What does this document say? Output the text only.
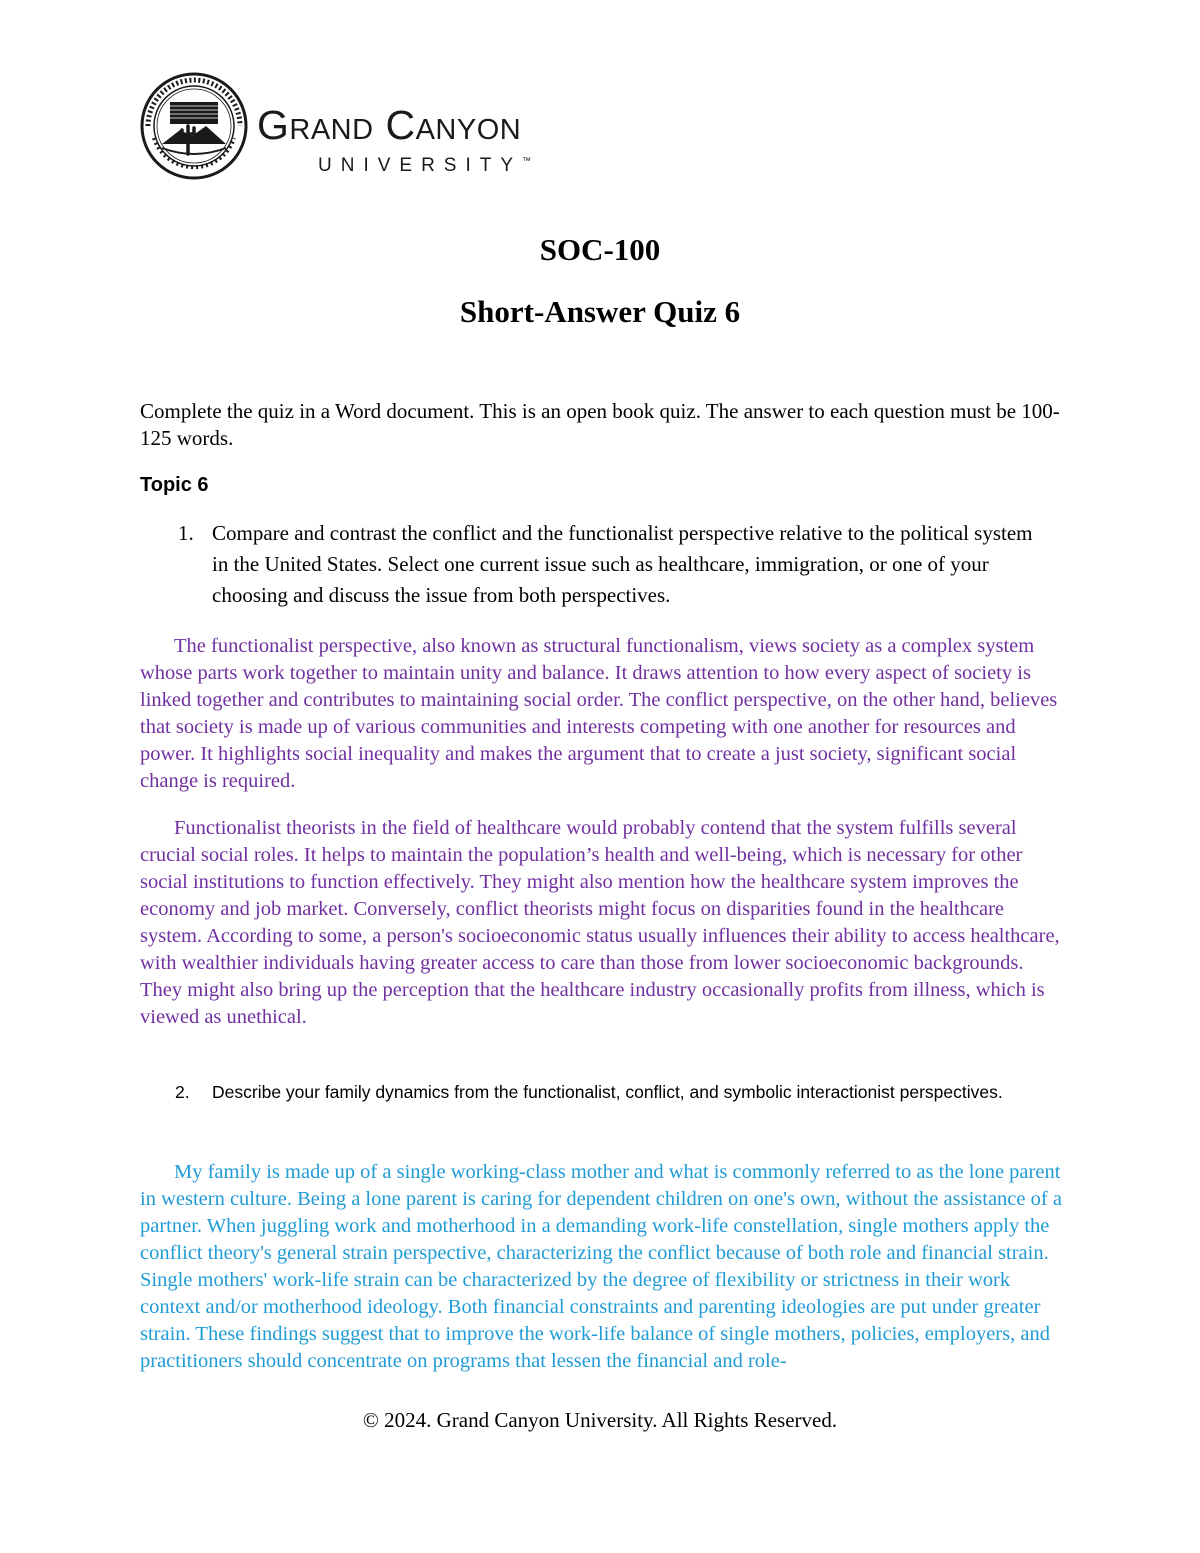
Grand Canyon
UNIVERSITY™
SOC-100
Short-Answer Quiz 6
Complete the quiz in a Word document. This is an open book quiz. The answer to each question must be 100-125 words.
Topic 6
1. Compare and contrast the conflict and the functionalist perspective relative to the political system in the United States. Select one current issue such as healthcare, immigration, or one of your choosing and discuss the issue from both perspectives.
The functionalist perspective, also known as structural functionalism, views society as a complex system whose parts work together to maintain unity and balance. It draws attention to how every aspect of society is linked together and contributes to maintaining social order. The conflict perspective, on the other hand, believes that society is made up of various communities and interests competing with one another for resources and power. It highlights social inequality and makes the argument that to create a just society, significant social change is required.
Functionalist theorists in the field of healthcare would probably contend that the system fulfills several crucial social roles. It helps to maintain the population’s health and well-being, which is necessary for other social institutions to function effectively. They might also mention how the healthcare system improves the economy and job market. Conversely, conflict theorists might focus on disparities found in the healthcare system. According to some, a person's socioeconomic status usually influences their ability to access healthcare, with wealthier individuals having greater access to care than those from lower socioeconomic backgrounds. They might also bring up the perception that the healthcare industry occasionally profits from illness, which is viewed as unethical.
2. Describe your family dynamics from the functionalist, conflict, and symbolic interactionist perspectives.
My family is made up of a single working-class mother and what is commonly referred to as the lone parent in western culture. Being a lone parent is caring for dependent children on one's own, without the assistance of a partner. When juggling work and motherhood in a demanding work-life constellation, single mothers apply the conflict theory's general strain perspective, characterizing the conflict because of both role and financial strain. Single mothers' work-life strain can be characterized by the degree of flexibility or strictness in their work context and/or motherhood ideology. Both financial constraints and parenting ideologies are put under greater strain. These findings suggest that to improve the work-life balance of single mothers, policies, employers, and practitioners should concentrate on programs that lessen the financial and role-
© 2024. Grand Canyon University. All Rights Reserved.
